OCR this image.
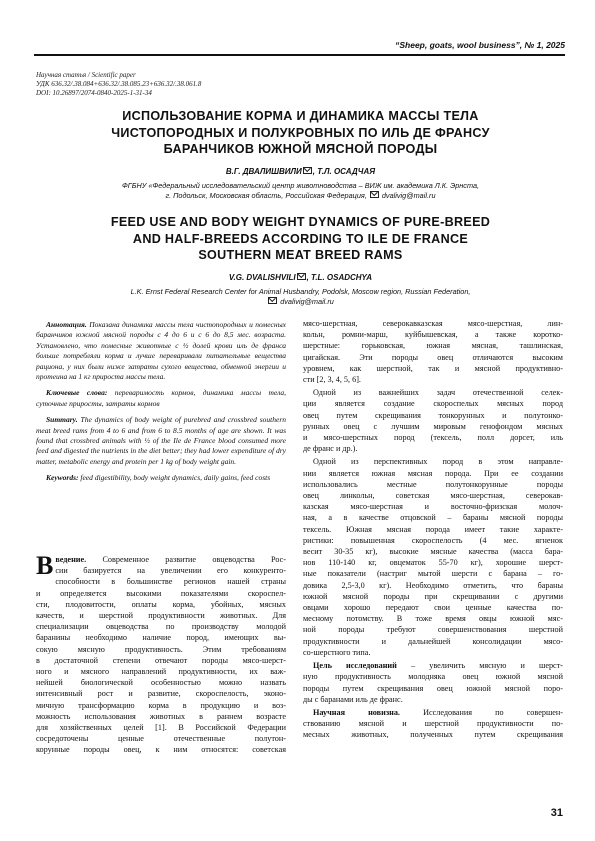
“Sheep, goats, wool business”, № 1, 2025
Научная статья / Scientific paper
УДК 636.32/.38.084+636.32/.38.085.23+636.32/.38.061.8
DOI: 10.26897/2074-0840-2025-1-31-34
ИСПОЛЬЗОВАНИЕ КОРМА И ДИНАМИКА МАССЫ ТЕЛА
ЧИСТОПОРОДНЫХ И ПОЛУКРОВНЫХ ПО ИЛЬ ДЕ ФРАНСУ
БАРАНЧИКОВ ЮЖНОЙ МЯСНОЙ ПОРОДЫ
В.Г. ДВАЛИШВИЛИ , Т.Л. ОСАДЧАЯ
ФГБНУ «Федеральный исследовательский центр животноводства – ВИЖ им. академика Л.К. Эрнста,
г. Подольск, Московская область, Российская Федерация, dvalivig@mail.ru
FEED USE AND BODY WEIGHT DYNAMICS OF PURE-BREED
AND HALF-BREEDS ACCORDING TO ILE DE FRANCE
SOUTHERN MEAT BREED RAMS
V.G. DVALISHVILI , T.L. OSADCHYA
L.K. Ernst Federal Research Center for Animal Husbandry, Podolsk, Moscow region, Russian Federation,
dvalivig@mail.ru

Аннотация. Показана динамика массы тела чистопородных и помесных баранчиков южной мясной породы с 4 до 6 и с 6 до 8,5 мес. возраста. Установлено, что помесные животные с ½ долей крови иль де франса больше потребляли корма и лучше переваривали питательные вещества рациона, у них были ниже затраты сухого вещества, обменной энергии и протеина на 1 кг прироста массы тела.

Ключевые слова: переваримость кормов, динамика массы тела, суточные приросты, затраты кормов

Summary. The dynamics of body weight of purebred and crossbred southern meat breed rams from 4 to 6 and from 6 to 8.5 months of age are shown. It was found that crossbred animals with ½ of the Ile de France blood consumed more feed and digested the nutrients in the diet better; they had lower expenditure of dry matter, metabolic energy and protein per 1 kg of body weight gain.

Keywords: feed digestibility, body weight dynamics, daily gains, feed costs

В ведение. Современное развитие овцеводства Рос-
сии базируется на увеличении его конкурентo-
способности в большинстве регионов нашей страны
и определяется высокими показателями скороспел-
сти, плодовитости, оплаты корма, убойных, мясных
качеств, и шерстной продуктивности животных. Для
специализации овцеводства по производству молодой
баранины необходимо наличие пород, имеющих вы-
сокую мясную продуктивность. Этим требованиям
в достаточной степени отвечают породы мясо-шерст-
ного и мясного направлений продуктивности, их важ-
нейшей биологической особенностью можно назвать
интенсивный рост и развитие, скороспелость, эконо-
мичную трансформацию корма в продукцию и воз-
можность использования животных в раннем возрасте
для хозяйственных целей [1]. В Российской Федерации
сосредоточены ценные отечественные полутон-
корунные породы овец, к ним относятся: советская
мясо-шерстная, северокавказская мясо-шерстная, лин-
кольн, ромни-марш, куйбышевская, а также коротко-
шерстные: горьковская, южная мясная, ташлинская,
цигайская. Эти породы овец отличаются высоким
уровнем, как шерстной, так и мясной продуктивно-
сти [2, 3, 4, 5, 6].
Одной из важнейших задач отечественной селек-
ции является создание скороспелых мясных пород
овец путем скрещивания тонкорунных и полутонко-
рунных овец с лучшим мировым генофондом мясных
и мясо-шерстных пород (тексель, полл дорсет, иль
де франс и др.).
Одной из перспективных пород в этом направле-
нии является южная мясная порода. При ее создании
использовались местные полутонкорунные породы
овец линкольн, советская мясо-шерстная, северокав-
казская мясо-шерстная и восточно-фризская молоч-
ная, а в качестве отцовской – бараны мясной породы
тексель. Южная мясная порода имеет такие характе-
ристики: повышенная скороспелость (4 мес. ягненок
весит 30-35 кг), высокие мясные качества (масса бара-
нов 110-140 кг, овцематок 55-70 кг), хорошие шерст-
ные показатели (настриг мытой шерсти с барана – го-
довика 2,5-3,0 кг). Необходимо отметить, что бараны
южной мясной породы при скрещивании с другими
овцами хорошо передают свои ценные качества по-
месному потомству. В тоже время овцы южной мяс-
ной породы требуют совершенствования шерстной
продуктивности и дальнейшей консолидации мясо-
со-шерстного типа.
Цель исследований – увеличить мясную и шерст-
ную продуктивность молодняка овец южной мясной
породы путем скрещивания овец южной мясной поро-
ды с баранами иль де франс.
Научная новизна. Исследования по совершен-
ствованию мясной и шерстной продуктивности по-
месных животных, полученных путем скрещивания
31
